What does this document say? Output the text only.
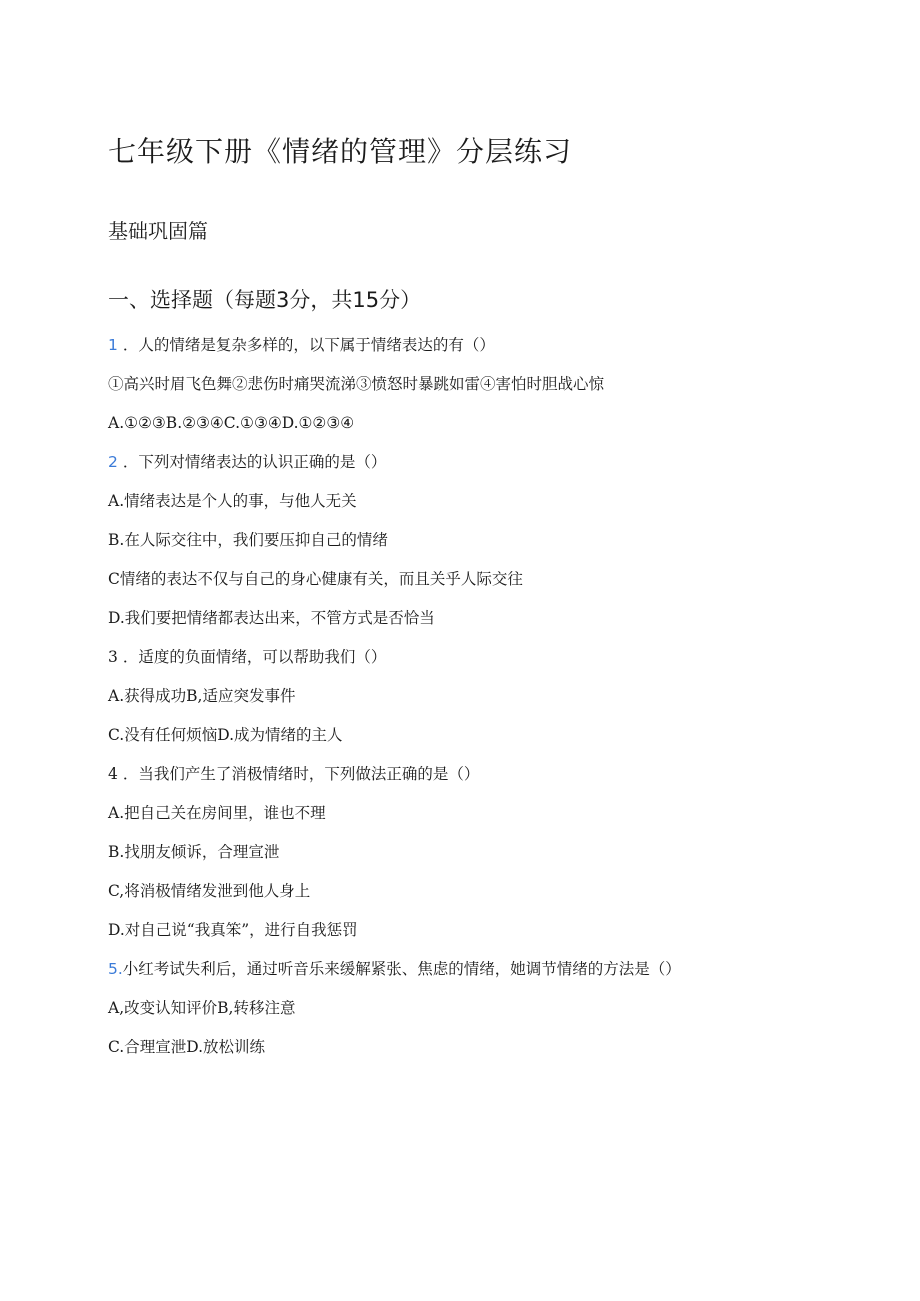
七年级下册《情绪的管理》分层练习
基础巩固篇
一、选择题（每题3分，共15分）
1 ．人的情绪是复杂多样的，以下属于情绪表达的有（）
①高兴时眉飞色舞②悲伤时痛哭流涕③愤怒时暴跳如雷④害怕时胆战心惊
A.①②③B.②③④C.①③④D.①②③④
2 ．下列对情绪表达的认识正确的是（）
A.情绪表达是个人的事，与他人无关
B.在人际交往中，我们要压抑自己的情绪
C情绪的表达不仅与自己的身心健康有关，而且关乎人际交往
D.我们要把情绪都表达出来，不管方式是否恰当
3 ．适度的负面情绪，可以帮助我们（）
A.获得成功B,适应突发事件
C.没有任何烦恼D.成为情绪的主人
4 ．当我们产生了消极情绪时，下列做法正确的是（）
A.把自己关在房间里，谁也不理
B.找朋友倾诉，合理宣泄
C,将消极情绪发泄到他人身上
D.对自己说“我真笨”，进行自我惩罚
5.小红考试失利后，通过听音乐来缓解紧张、焦虑的情绪，她调节情绪的方法是（）
A,改变认知评价B,转移注意
C.合理宣泄D.放松训练
